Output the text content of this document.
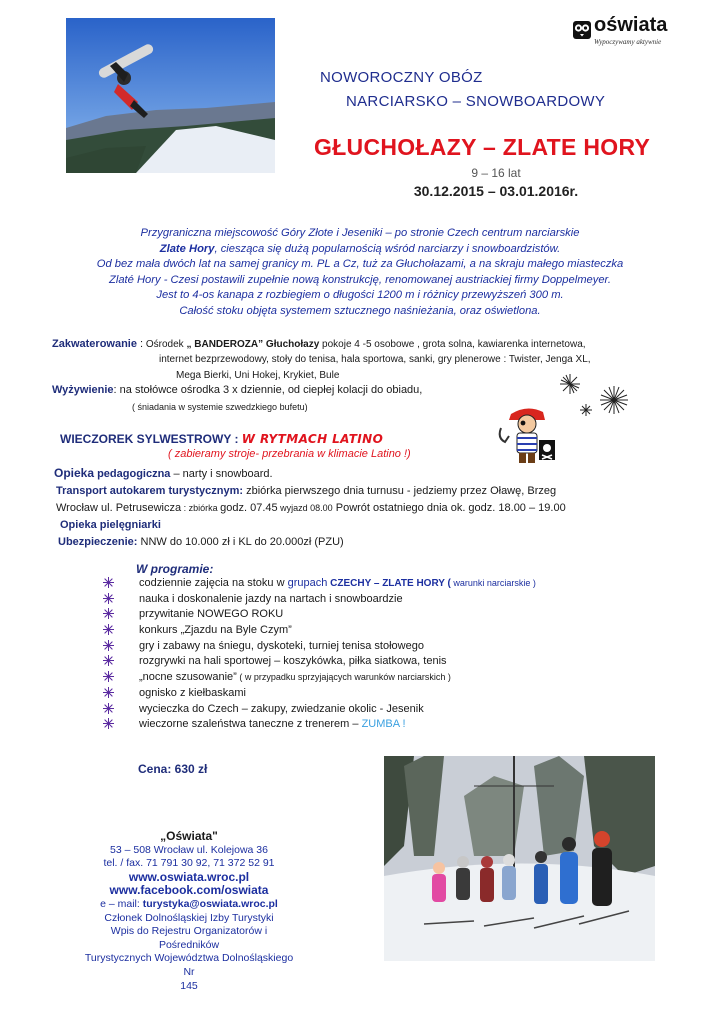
oświata
Wypoczywamy aktywnie
NOWOROCZNY OBÓZ
NARCIARSKO – SNOWBOARDOWY
GŁUCHOŁAZY – ZLATE HORY
9 – 16 lat
30.12.2015 – 03.01.2016r.
Przygraniczna miejscowość Góry Złote i Jeseniki – po stronie Czech centrum narciarskie
Zlate Hory, ciesząca się dużą popularnością wśród narciarzy i snowboardzistów.
Od bez mała dwóch lat na samej granicy m. PL a Cz, tuż za Głuchołazami, a na skraju małego miasteczka
Zlaté Hory - Czesi postawili zupełnie nową konstrukcję, renomowanej austriackiej firmy Doppelmeyer.
Jest to 4-os kanapa z rozbiegiem o długości 1200 m i różnicy przewyższeń 300 m.
Całość stoku objęta systemem sztucznego naśnieżania, oraz oświetlona.
Zakwaterowanie : Ośrodek „ BANDEROZA” Głuchołazy pokoje 4 -5 osobowe , grota solna, kawiarenka internetowa,
internet bezprzewodowy, stoły do tenisa, hala sportowa, sanki, gry plenerowe : Twister, Jenga XL,
Mega Bierki, Uni Hokej, Krykiet, Bule
Wyżywienie: na stołówce ośrodka 3 x dziennie, od ciepłej kolacji do obiadu,
( śniadania w systemie szwedzkiego bufetu)
WIECZOREK SYLWESTROWY : W RYTMACH LATINO
( zabieramy stroje- przebrania w klimacie Latino !)
Opieka pedagogiczna – narty i snowboard.
Transport autokarem turystycznym: zbiórka pierwszego dnia turnusu - jedziemy przez Oławę, Brzeg
Wrocław ul. Petrusewicza : zbiórka godz. 07.45 wyjazd 08.00 Powrót ostatniego dnia ok. godz. 18.00 – 19.00
Opieka pielęgniarki
Ubezpieczenie: NNW do 10.000 zł i KL do 20.000zł (PZU)
W programie:
codziennie zajęcia na stoku w grupach CZECHY – ZLATE HORY ( warunki narciarskie )
nauka i doskonalenie jazdy na nartach i snowboardzie
przywitanie NOWEGO ROKU
konkurs „Zjazdu na Byle Czym”
gry i zabawy na śniegu, dyskoteki, turniej tenisa stołowego
rozgrywki na hali sportowej – koszykówka, piłka siatkowa, tenis
„nocne szusowanie” ( w przypadku sprzyjających warunków narciarskich )
ognisko z kiełbaskami
wycieczka do Czech – zakupy, zwiedzanie okolic - Jesenik
wieczorne szaleństwa taneczne z trenerem – ZUMBA !
Cena: 630 zł
„Oświata"
53 – 508 Wrocław ul. Kolejowa 36
tel. / fax. 71 791 30 92, 71 372 52 91
www.oswiata.wroc.pl
www.facebook.com/oswiata
e – mail: turystyka@oswiata.wroc.pl
Członek Dolnośląskiej Izby Turystyki
Wpis do Rejestru Organizatorów i Pośredników
Turystycznych Województwa Dolnośląskiego Nr
145
